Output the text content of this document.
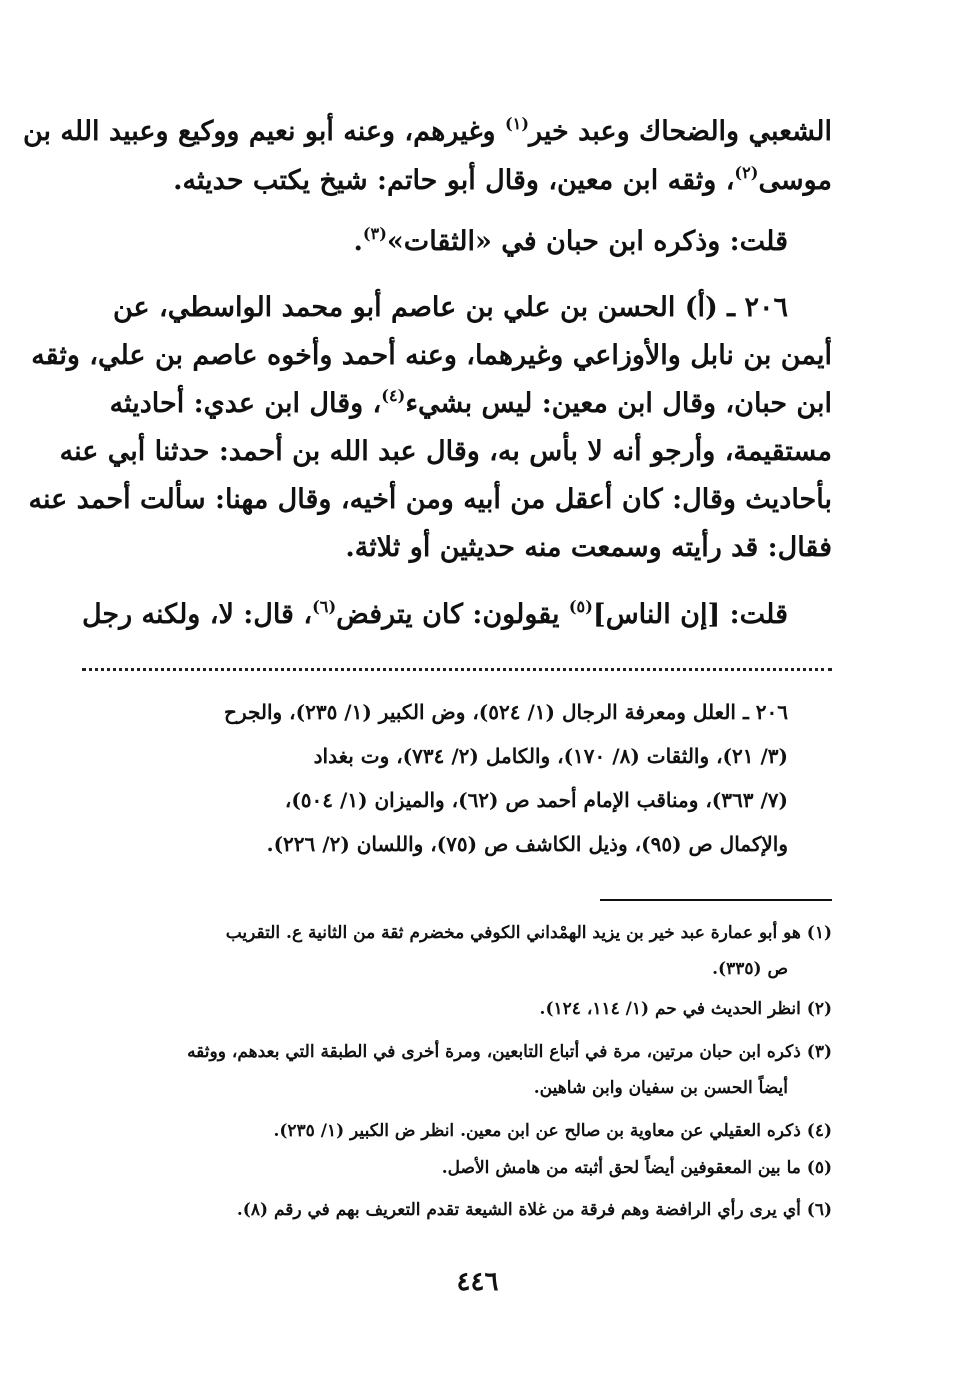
الشعبي والضحاك وعبد خير$^{(١)}$ وغيرهم، وعنه أبو نعيم ووكيع وعبيد الله بن
موسى$^{(٢)}$، وثقه ابن معين، وقال أبو حاتم: شيخ يكتب حديثه.
قلت: وذكره ابن حبان في «الثقات»$^{(٣)}$.
٢٠٦ ـ (أ) الحسن بن علي بن عاصم أبو محمد الواسطي، عن
أيمن بن نابل والأوزاعي وغيرهما، وعنه أحمد وأخوه عاصم بن علي، وثقه
ابن حبان، وقال ابن معين: ليس بشيء$^{(٤)}$، وقال ابن عدي: أحاديثه
مستقيمة، وأرجو أنه لا بأس به، وقال عبد الله بن أحمد: حدثنا أبي عنه
بأحاديث وقال: كان أعقل من أبيه ومن أخيه، وقال مهنا: سألت أحمد عنه
فقال: قد رأيته وسمعت منه حديثين أو ثلاثة.
قلت: [إن الناس]$^{(٥)}$ يقولون: كان يترفض$^{(٦)}$، قال: لا، ولكنه رجل
٢٠٦ ـ العلل ومعرفة الرجال (١/ ٥٢٤)، وض الكبير (١/ ٢٣٥)، والجرح
(٣/ ٢١)، والثقات (٨/ ١٧٠)، والكامل (٢/ ٧٣٤)، وت بغداد
(٧/ ٣٦٣)، ومناقب الإمام أحمد ص (٦٢)، والميزان (١/ ٥٠٤)،
والإكمال ص (٩٥)، وذيل الكاشف ص (٧٥)، واللسان (٢/ ٢٢٦).
(١) هو أبو عمارة عبد خير بن يزيد الهمْداني الكوفي مخضرم ثقة من الثانية ع. التقريب
ص (٣٣٥).
(٢) انظر الحديث في حم (١/ ١١٤، ١٢٤).
(٣) ذكره ابن حبان مرتين، مرة في أتباع التابعين، ومرة أخرى في الطبقة التي بعدهم، ووثقه
أيضاً الحسن بن سفيان وابن شاهين.
(٤) ذكره العقيلي عن معاوية بن صالح عن ابن معين. انظر ض الكبير (١/ ٢٣٥).
(٥) ما بين المعقوفين أيضاً لحق أثبته من هامش الأصل.
(٦) أي يرى رأي الرافضة وهم فرقة من غلاة الشيعة تقدم التعريف بهم في رقم (٨).
٤٤٦
